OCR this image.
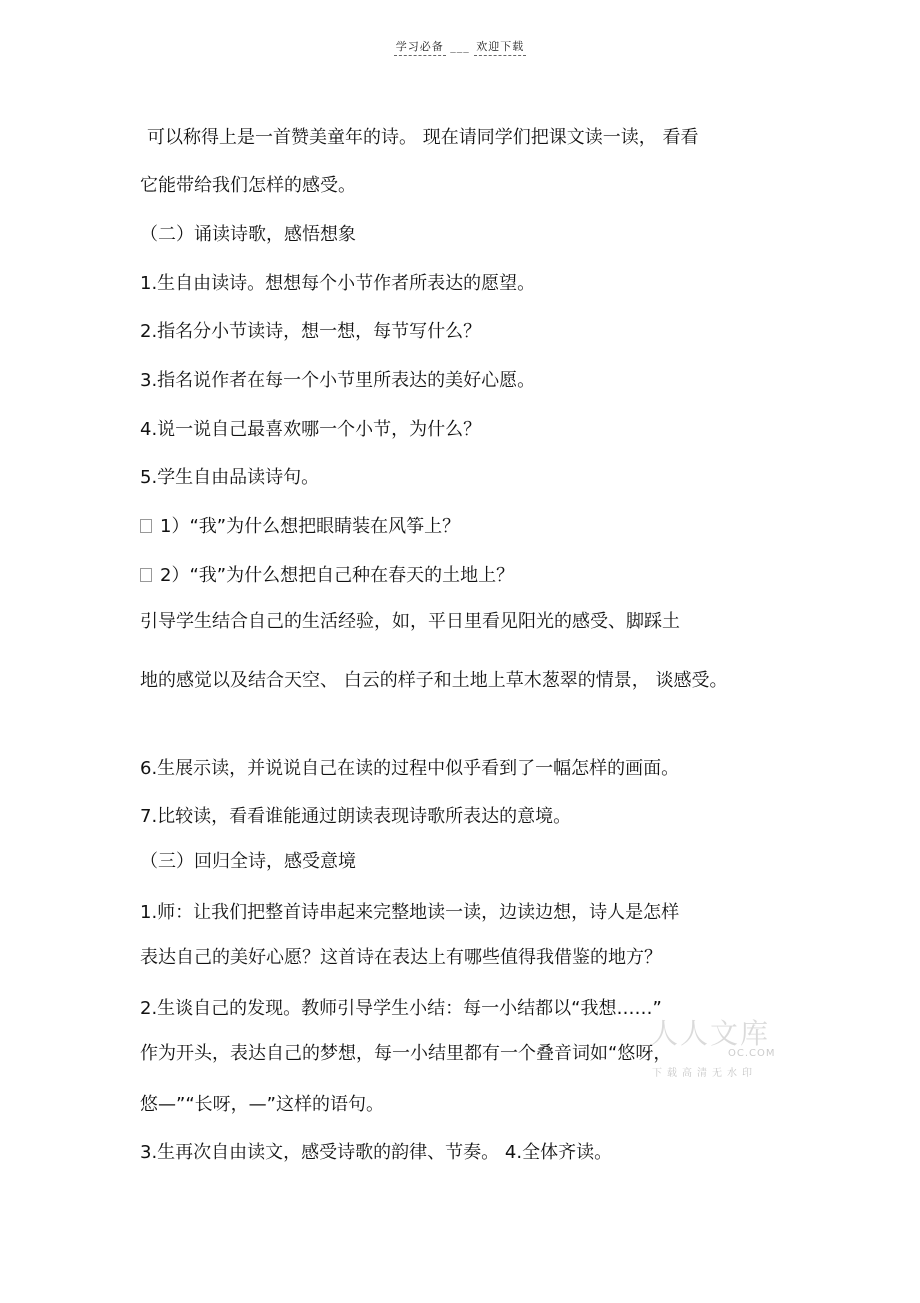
学习必备 ___ 欢迎下载
可以称得上是一首赞美童年的诗。 现在请同学们把课文读一读， 看看
它能带给我们怎样的感受。
（二）诵读诗歌，感悟想象
1.生自由读诗。想想每个小节作者所表达的愿望。
2.指名分小节读诗，想一想，每节写什么？
3.指名说作者在每一个小节里所表达的美好心愿。
4.说一说自己最喜欢哪一个小节，为什么？
5.学生自由品读诗句。
1）“我”为什么想把眼睛装在风筝上？
2）“我”为什么想把自己种在春天的土地上？
引导学生结合自己的生活经验，如，平日里看见阳光的感受、脚踩土
地的感觉以及结合天空、 白云的样子和土地上草木葱翠的情景， 谈感受。
6.生展示读，并说说自己在读的过程中似乎看到了一幅怎样的画面。
7.比较读，看看谁能通过朗读表现诗歌所表达的意境。
（三）回归全诗，感受意境
1.师：让我们把整首诗串起来完整地读一读，边读边想，诗人是怎样
表达自己的美好心愿？这首诗在表达上有哪些值得我借鉴的地方？
2.生谈自己的发现。教师引导学生小结：每一小结都以“我想……”
作为开头，表达自己的梦想，每一小结里都有一个叠音词如“悠呀，
悠—”“长呀，—”这样的语句。
3.生再次自由读文，感受诗歌的韵律、节奏。 4.全体齐读。
人人文库
OC.COM
下载高清无水印
